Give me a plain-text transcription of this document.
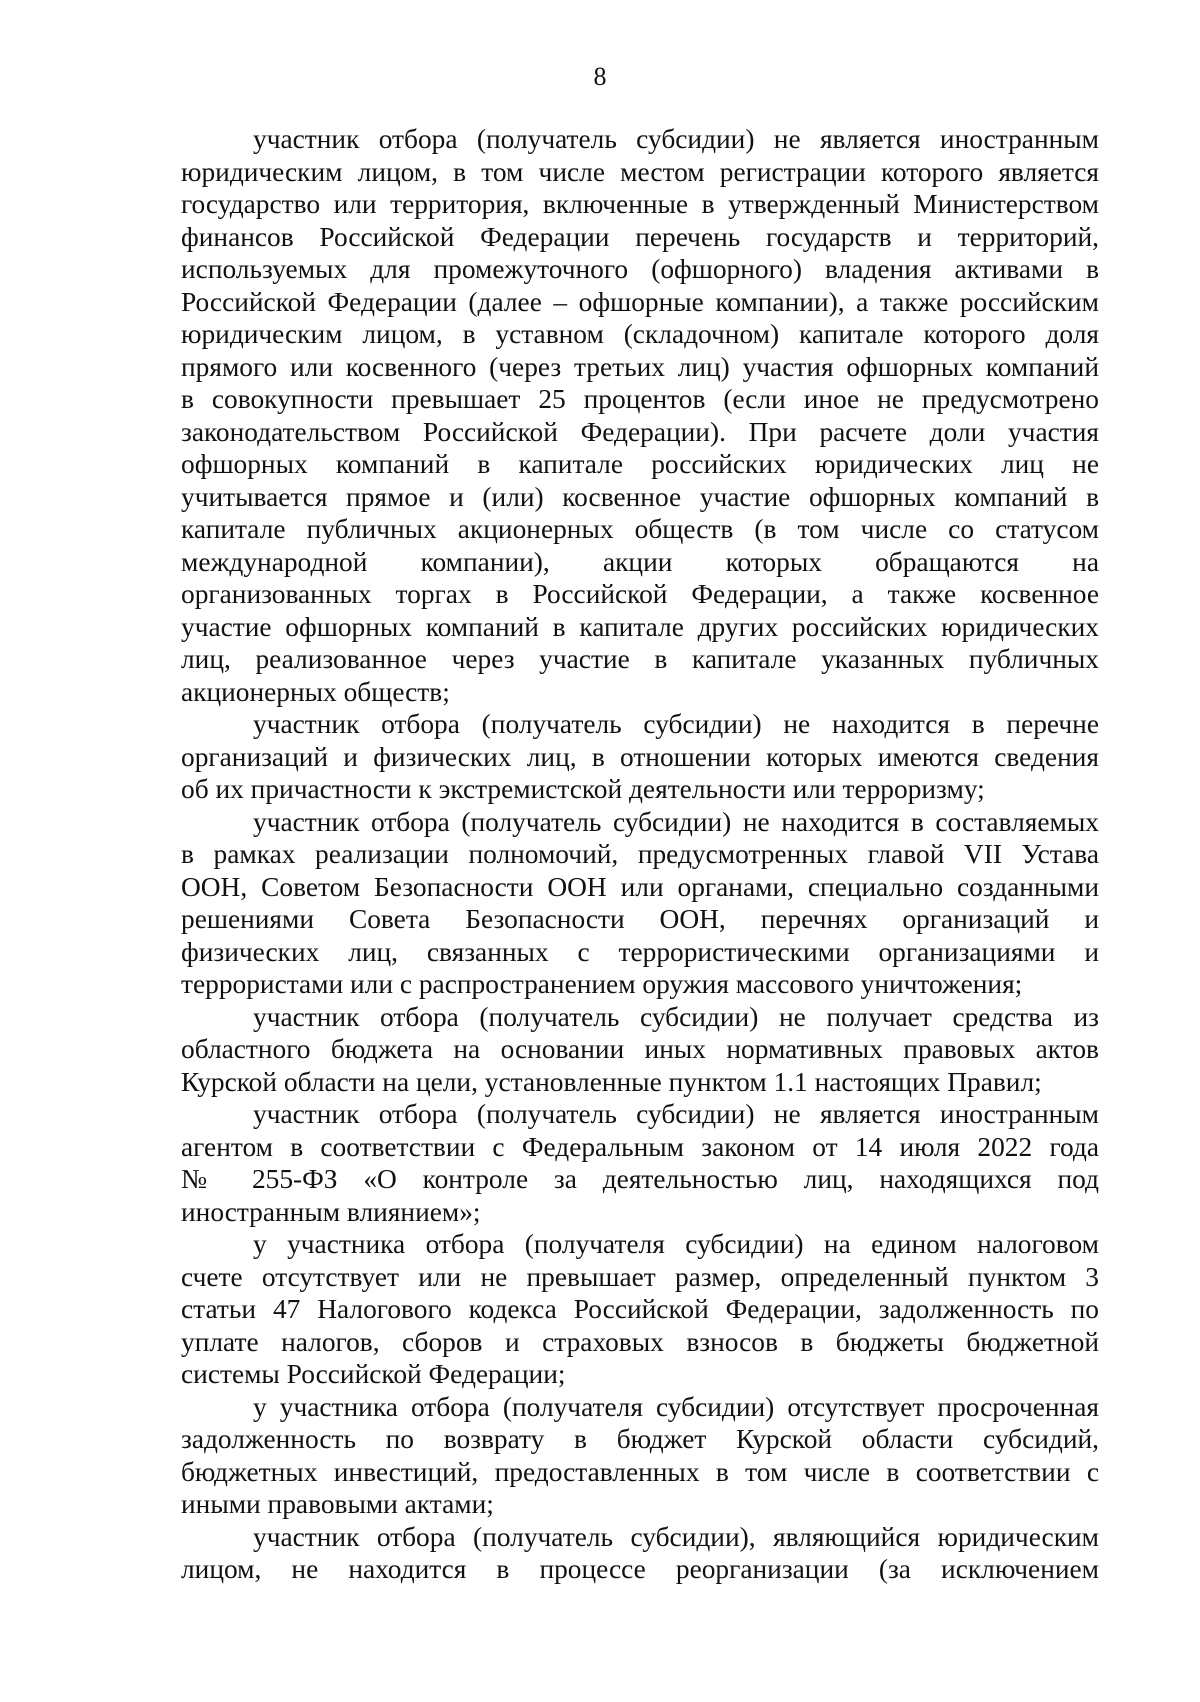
8
участник отбора (получатель субсидии) не является иностранным
юридическим лицом, в том числе местом регистрации которого является
государство или территория, включенные в утвержденный Министерством
финансов Российской Федерации перечень государств и территорий,
используемых для промежуточного (офшорного) владения активами в
Российской Федерации (далее – офшорные компании), а также российским
юридическим лицом, в уставном (складочном) капитале которого доля
прямого или косвенного (через третьих лиц) участия офшорных компаний
в совокупности превышает 25 процентов (если иное не предусмотрено
законодательством Российской Федерации). При расчете доли участия
офшорных компаний в капитале российских юридических лиц не
учитывается прямое и (или) косвенное участие офшорных компаний в
капитале публичных акционерных обществ (в том числе со статусом
международной компании), акции которых обращаются на
организованных торгах в Российской Федерации, а также косвенное
участие офшорных компаний в капитале других российских юридических
лиц, реализованное через участие в капитале указанных публичных
акционерных обществ;
участник отбора (получатель субсидии) не находится в перечне
организаций и физических лиц, в отношении которых имеются сведения
об их причастности к экстремистской деятельности или терроризму;
участник отбора (получатель субсидии) не находится в составляемых
в рамках реализации полномочий, предусмотренных главой VII Устава
ООН, Советом Безопасности ООН или органами, специально созданными
решениями Совета Безопасности ООН, перечнях организаций и
физических лиц, связанных с террористическими организациями и
террористами или с распространением оружия массового уничтожения;
участник отбора (получатель субсидии) не получает средства из
областного бюджета на основании иных нормативных правовых актов
Курской области на цели, установленные пунктом 1.1 настоящих Правил;
участник отбора (получатель субсидии) не является иностранным
агентом в соответствии с Федеральным законом от 14 июля 2022 года
№ 255-ФЗ «О контроле за деятельностью лиц, находящихся под
иностранным влиянием»;
у участника отбора (получателя субсидии) на едином налоговом
счете отсутствует или не превышает размер, определенный пунктом 3
статьи 47 Налогового кодекса Российской Федерации, задолженность по
уплате налогов, сборов и страховых взносов в бюджеты бюджетной
системы Российской Федерации;
у участника отбора (получателя субсидии) отсутствует просроченная
задолженность по возврату в бюджет Курской области субсидий,
бюджетных инвестиций, предоставленных в том числе в соответствии с
иными правовыми актами;
участник отбора (получатель субсидии), являющийся юридическим
лицом, не находится в процессе реорганизации (за исключением
